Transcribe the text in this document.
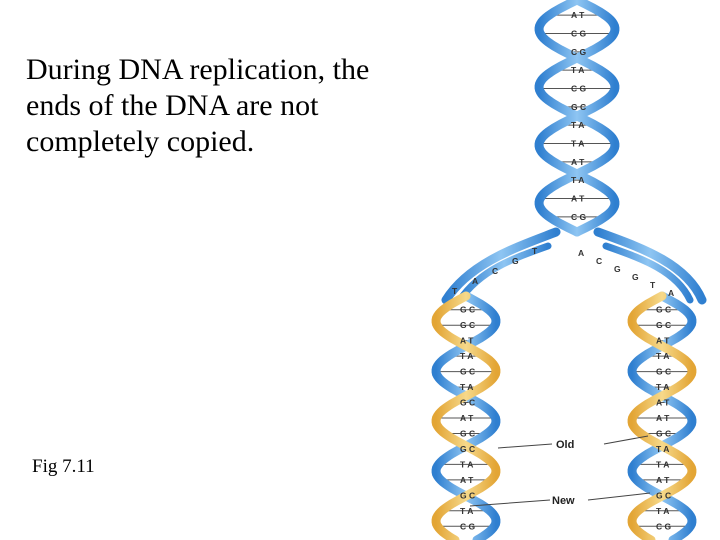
During DNA replication, the
ends of the DNA are not
completely copied.

Fig 7.11
A T
C G
C G
T A
C G
G C
T A
T A
A T
T A
A T
C G
T
G
C
A
T
A
C
G
G
T
A
G C
G C
A T
T A
G C
T A
G C
A T
G C
G C
T A
A T
G C
T A
C G
G C
G C
A T
T A
G C
T A
A T
A T
G C
T A
T A
A T
G C
T A
C G
Old
New
